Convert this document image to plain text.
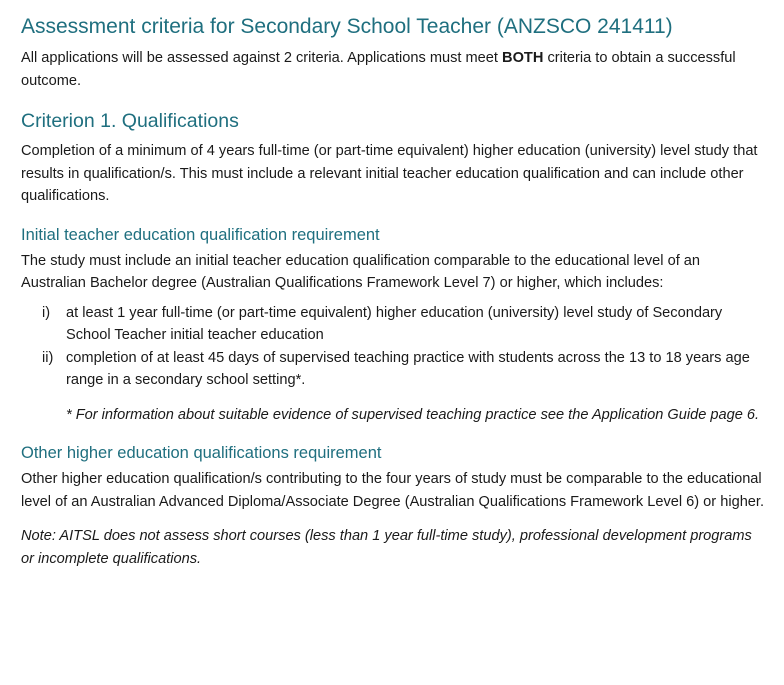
Assessment criteria for Secondary School Teacher (ANZSCO 241411)

All applications will be assessed against 2 criteria. Applications must meet BOTH criteria to obtain a successful outcome.

Criterion 1. Qualifications

Completion of a minimum of 4 years full-time (or part-time equivalent) higher education (university) level study that results in qualification/s. This must include a relevant initial teacher education qualification and can include other qualifications.

Initial teacher education qualification requirement

The study must include an initial teacher education qualification comparable to the educational level of an Australian Bachelor degree (Australian Qualifications Framework Level 7) or higher, which includes:

i)	at least 1 year full-time (or part-time equivalent) higher education (university) level study of Secondary School Teacher initial teacher education
ii) completion of at least 45 days of supervised teaching practice with students across the 13 to 18 years age range in a secondary school setting*.

* For information about suitable evidence of supervised teaching practice see the Application Guide page 6.

Other higher education qualifications requirement

Other higher education qualification/s contributing to the four years of study must be comparable to the educational level of an Australian Advanced Diploma/Associate Degree (Australian Qualifications Framework Level 6) or higher.

Note: AITSL does not assess short courses (less than 1 year full-time study), professional development programs or incomplete qualifications.
